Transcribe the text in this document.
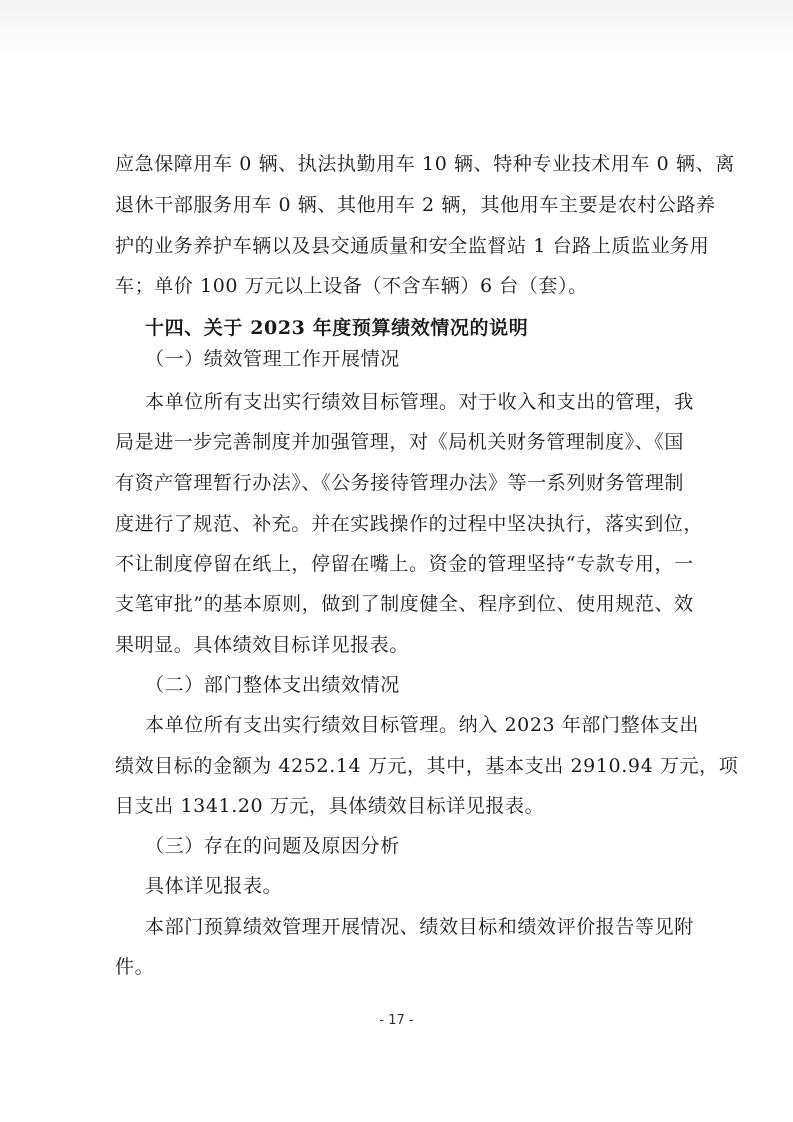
应急保障用车 0 辆、执法执勤用车 10 辆、特种专业技术用车 0 辆、离
退休干部服务用车 0 辆、其他用车 2 辆，其他用车主要是农村公路养
护的业务养护车辆以及县交通质量和安全监督站 1 台路上质监业务用
车；单价 100 万元以上设备（不含车辆）6 台（套）。
十四、关于 2023 年度预算绩效情况的说明
（一）绩效管理工作开展情况
本单位所有支出实行绩效目标管理。对于收入和支出的管理，我
局是进一步完善制度并加强管理，对《局机关财务管理制度》、《国
有资产管理暂行办法》、《公务接待管理办法》等一系列财务管理制
度进行了规范、补充。并在实践操作的过程中坚决执行，落实到位，
不让制度停留在纸上，停留在嘴上。资金的管理坚持“专款专用，一
支笔审批”的基本原则，做到了制度健全、程序到位、使用规范、效
果明显。具体绩效目标详见报表。
（二）部门整体支出绩效情况
本单位所有支出实行绩效目标管理。纳入 2023 年部门整体支出
绩效目标的金额为 4252.14 万元，其中，基本支出 2910.94 万元，项
目支出 1341.20 万元，具体绩效目标详见报表。
（三）存在的问题及原因分析
具体详见报表。
本部门预算绩效管理开展情况、绩效目标和绩效评价报告等见附
件。
- 17 -
